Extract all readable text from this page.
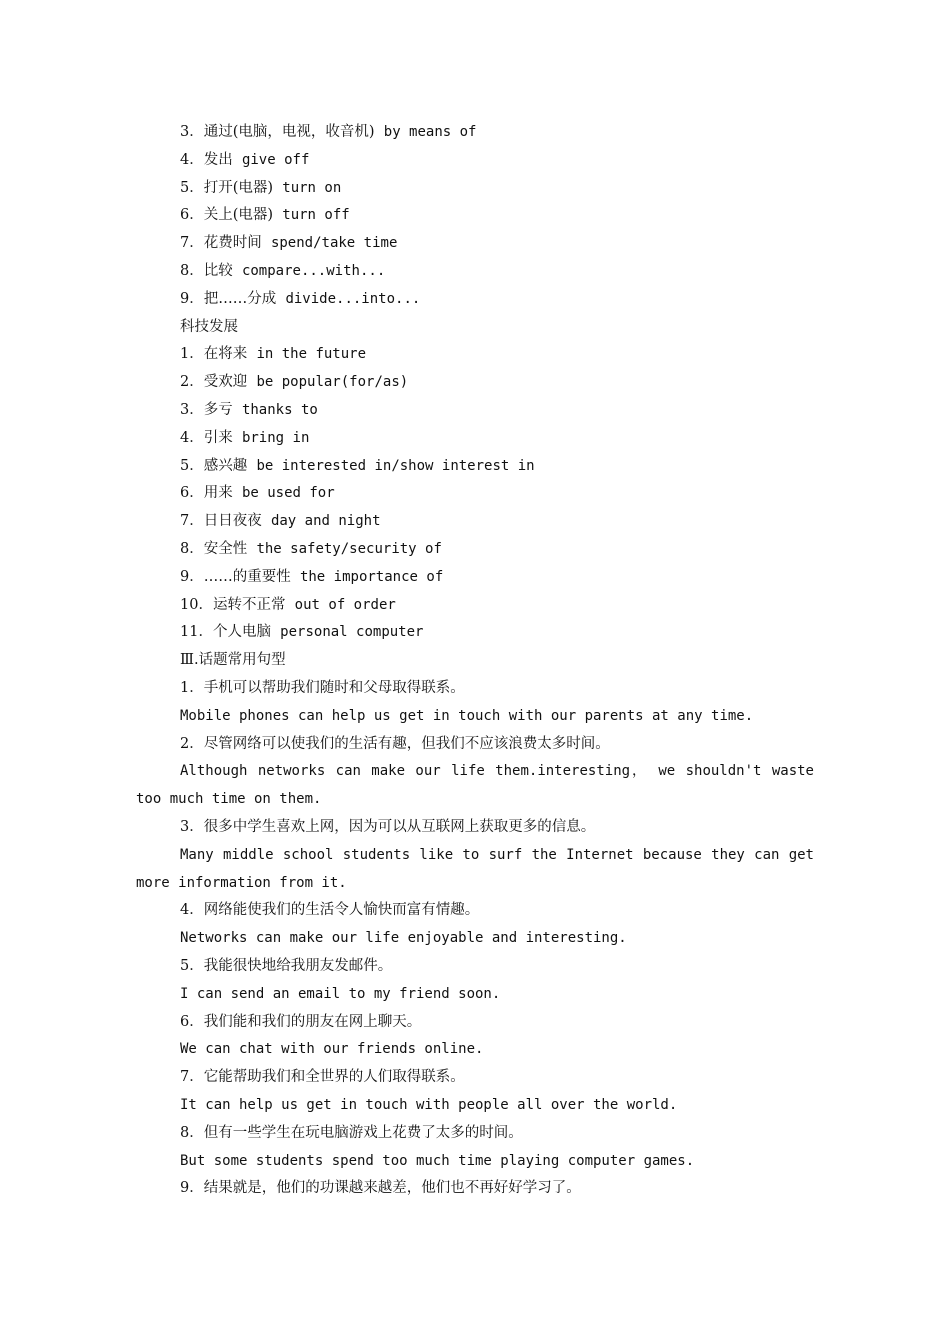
3．通过(电脑，电视，收音机) by means of
4．发出 give off
5．打开(电器) turn on
6．关上(电器) turn off
7．花费时间 spend/take time
8．比较 compare...with...
9．把……分成 divide...into...
科技发展
1．在将来 in the future
2．受欢迎 be popular(for/as)
3．多亏 thanks to
4．引来 bring in
5．感兴趣 be interested in/show interest in
6．用来 be used for
7．日日夜夜 day and night
8．安全性 the safety/security of
9．……的重要性 the importance of
10．运转不正常 out of order
11．个人电脑 personal computer
Ⅲ.话题常用句型
1．手机可以帮助我们随时和父母取得联系。
Mobile phones can help us get in touch with our parents at any time.
2．尽管网络可以使我们的生活有趣，但我们不应该浪费太多时间。
Although networks can make our life them.interesting， we shouldn't waste
too much time on them.
3．很多中学生喜欢上网，因为可以从互联网上获取更多的信息。
Many middle school students like to surf the Internet because they can get
more information from it.
4．网络能使我们的生活令人愉快而富有情趣。
Networks can make our life enjoyable and interesting.
5．我能很快地给我朋友发邮件。
I can send an email to my friend soon.
6．我们能和我们的朋友在网上聊天。
We can chat with our friends online.
7．它能帮助我们和全世界的人们取得联系。
It can help us get in touch with people all over the world.
8．但有一些学生在玩电脑游戏上花费了太多的时间。
But some students spend too much time playing computer games.
9．结果就是，他们的功课越来越差，他们也不再好好学习了。
